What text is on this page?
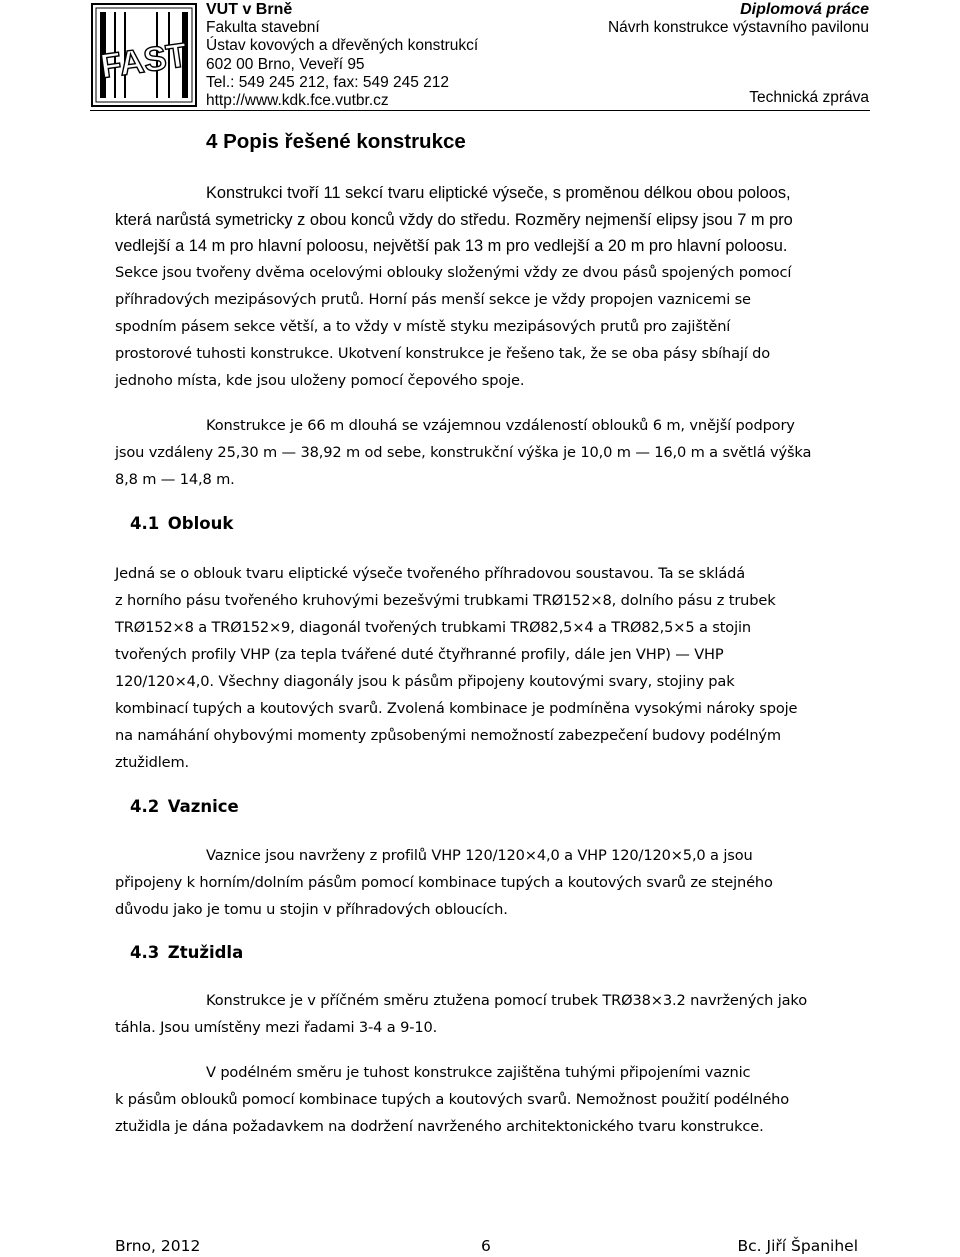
FAST
VUT v Brně
Fakulta stavební
Ústav kovových a dřevěných konstrukcí
602 00 Brno, Veveří 95
Tel.: 549 245 212, fax: 549 245 212
http://www.kdk.fce.vutbr.cz
Diplomová práce
Návrh konstrukce výstavního pavilonu
Technická zpráva
4 Popis řešené konstrukce
Konstrukci tvoří 11 sekcí tvaru eliptické výseče, s proměnou délkou obou poloos,
která narůstá symetricky z obou konců vždy do středu. Rozměry nejmenší elipsy jsou 7 m pro
vedlejší a 14 m pro hlavní poloosu, největší pak 13 m pro vedlejší a 20 m pro hlavní poloosu.
Sekce jsou tvořeny dvěma ocelovými oblouky složenými vždy ze dvou pásů spojených pomocí
příhradových mezipásových prutů. Horní pás menší sekce je vždy propojen vaznicemi se
spodním pásem sekce větší, a to vždy v místě styku mezipásových prutů pro zajištění
prostorové tuhosti konstrukce. Ukotvení konstrukce je řešeno tak, že se oba pásy sbíhají do
jednoho místa, kde jsou uloženy pomocí čepového spoje.
Konstrukce je 66 m dlouhá se vzájemnou vzdáleností oblouků 6 m, vnější podpory
jsou vzdáleny 25,30 m — 38,92 m od sebe, konstrukční výška je 10,0 m — 16,0 m a světlá výška
8,8 m — 14,8 m.
4.1 Oblouk
Jedná se o oblouk tvaru eliptické výseče tvořeného příhradovou soustavou. Ta se skládá
z horního pásu tvořeného kruhovými bezešvými trubkami TRØ152×8, dolního pásu z trubek
TRØ152×8 a TRØ152×9, diagonál tvořených trubkami TRØ82,5×4 a TRØ82,5×5 a stojin
tvořených profily VHP (za tepla tvářené duté čtyřhranné profily, dále jen VHP) — VHP
120/120×4,0. Všechny diagonály jsou k pásům připojeny koutovými svary, stojiny pak
kombinací tupých a koutových svarů. Zvolená kombinace je podmíněna vysokými nároky spoje
na namáhání ohybovými momenty způsobenými nemožností zabezpečení budovy podélným
ztužidlem.
4.2 Vaznice
Vaznice jsou navrženy z profilů VHP 120/120×4,0 a VHP 120/120×5,0 a jsou
připojeny k horním/dolním pásům pomocí kombinace tupých a koutových svarů ze stejného
důvodu jako je tomu u stojin v příhradových obloucích.
4.3 Ztužidla
Konstrukce je v příčném směru ztužena pomocí trubek TRØ38×3.2 navržených jako
táhla. Jsou umístěny mezi řadami 3-4 a 9-10.
V podélném směru je tuhost konstrukce zajištěna tuhými připojeními vaznic
k pásům oblouků pomocí kombinace tupých a koutových svarů. Nemožnost použití podélného
ztužidla je dána požadavkem na dodržení navrženého architektonického tvaru konstrukce.
Brno, 2012	6	Bc. Jiří Španihel
